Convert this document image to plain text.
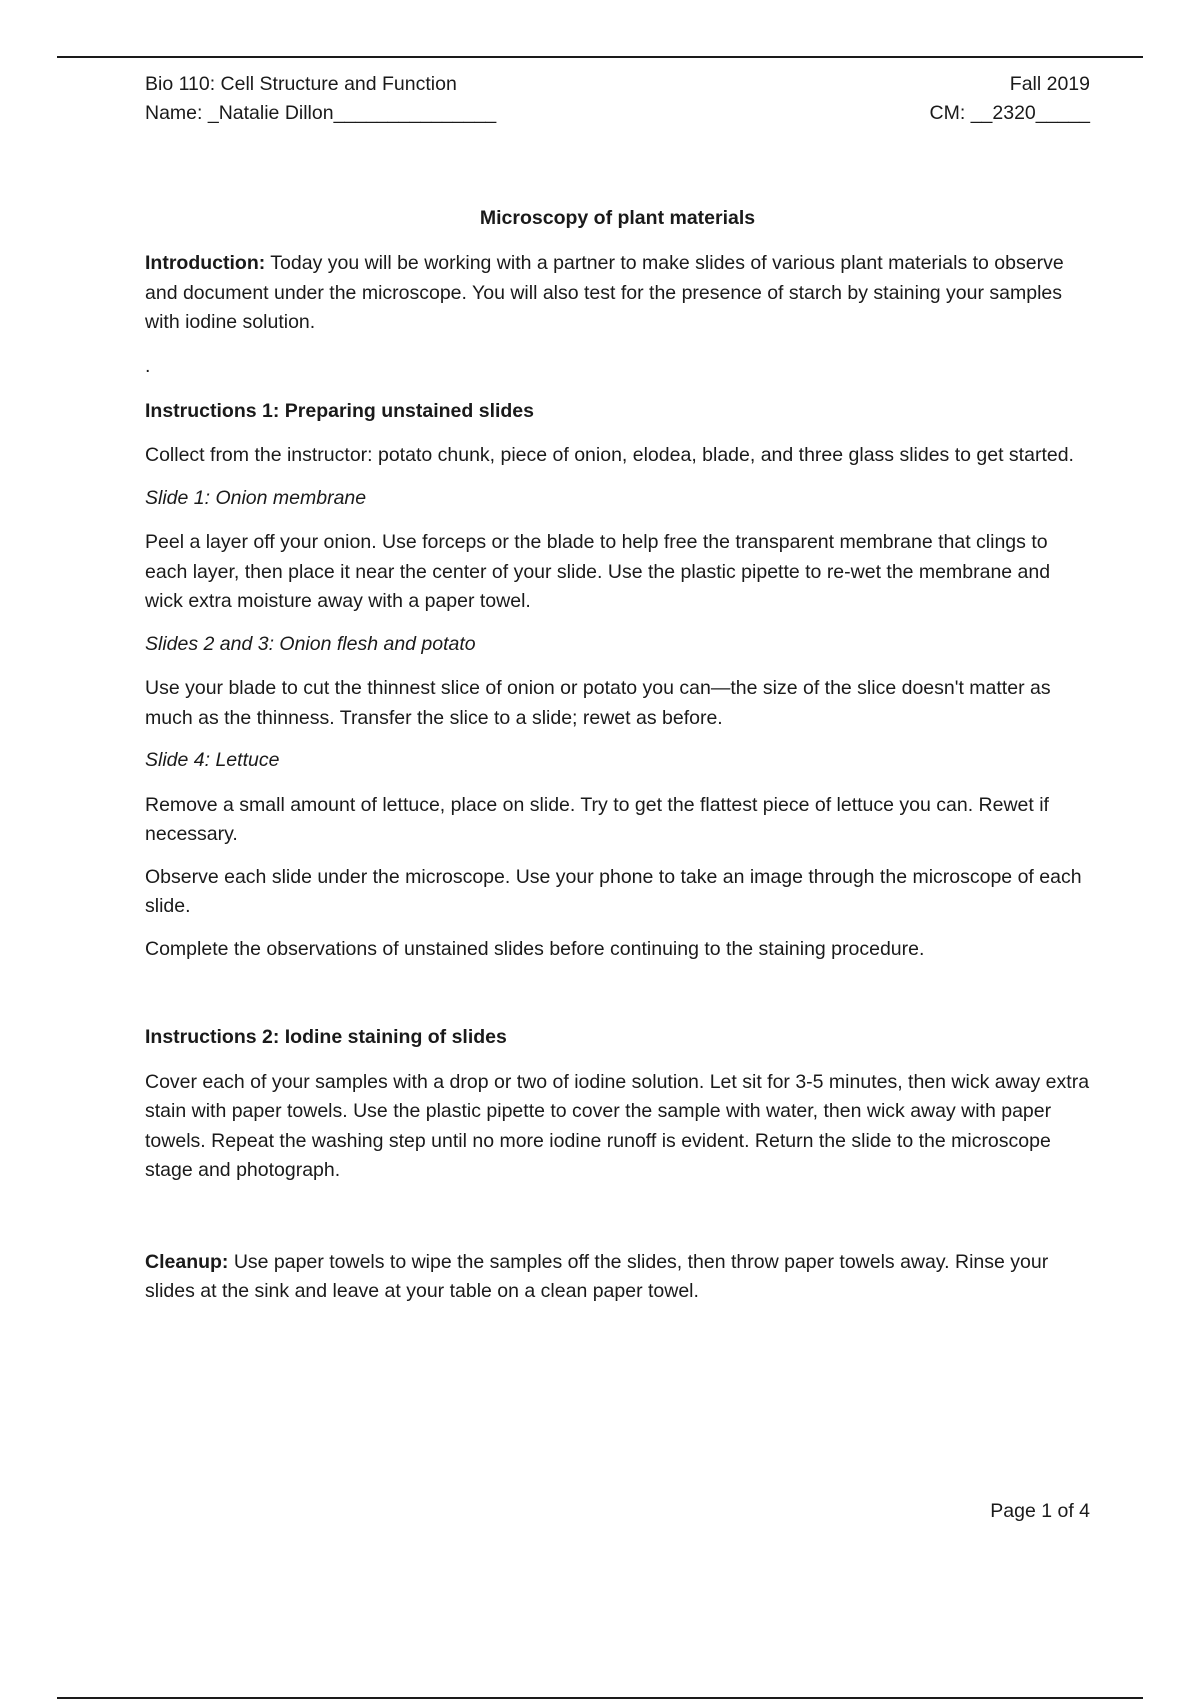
Bio 110: Cell Structure and Function	Fall 2019
Name: _Natalie Dillon_______________	CM: __2320_____
Microscopy of plant materials

Introduction: Today you will be working with a partner to make slides of various plant materials to observe and document under the microscope. You will also test for the presence of starch by staining your samples with iodine solution.

.

Instructions 1: Preparing unstained slides

Collect from the instructor: potato chunk, piece of onion, elodea, blade, and three glass slides to get started.

Slide 1: Onion membrane

Peel a layer off your onion. Use forceps or the blade to help free the transparent membrane that clings to each layer, then place it near the center of your slide. Use the plastic pipette to re-wet the membrane and wick extra moisture away with a paper towel.

Slides 2 and 3: Onion flesh and potato

Use your blade to cut the thinnest slice of onion or potato you can—the size of the slice doesn't matter as much as the thinness. Transfer the slice to a slide; rewet as before.

Slide 4: Lettuce

Remove a small amount of lettuce, place on slide. Try to get the flattest piece of lettuce you can. Rewet if necessary.

Observe each slide under the microscope. Use your phone to take an image through the microscope of each slide.

Complete the observations of unstained slides before continuing to the staining procedure.

Instructions 2: Iodine staining of slides

Cover each of your samples with a drop or two of iodine solution. Let sit for 3-5 minutes, then wick away extra stain with paper towels. Use the plastic pipette to cover the sample with water, then wick away with paper towels. Repeat the washing step until no more iodine runoff is evident. Return the slide to the microscope stage and photograph.

Cleanup: Use paper towels to wipe the samples off the slides, then throw paper towels away. Rinse your slides at the sink and leave at your table on a clean paper towel.

Page 1 of 4
